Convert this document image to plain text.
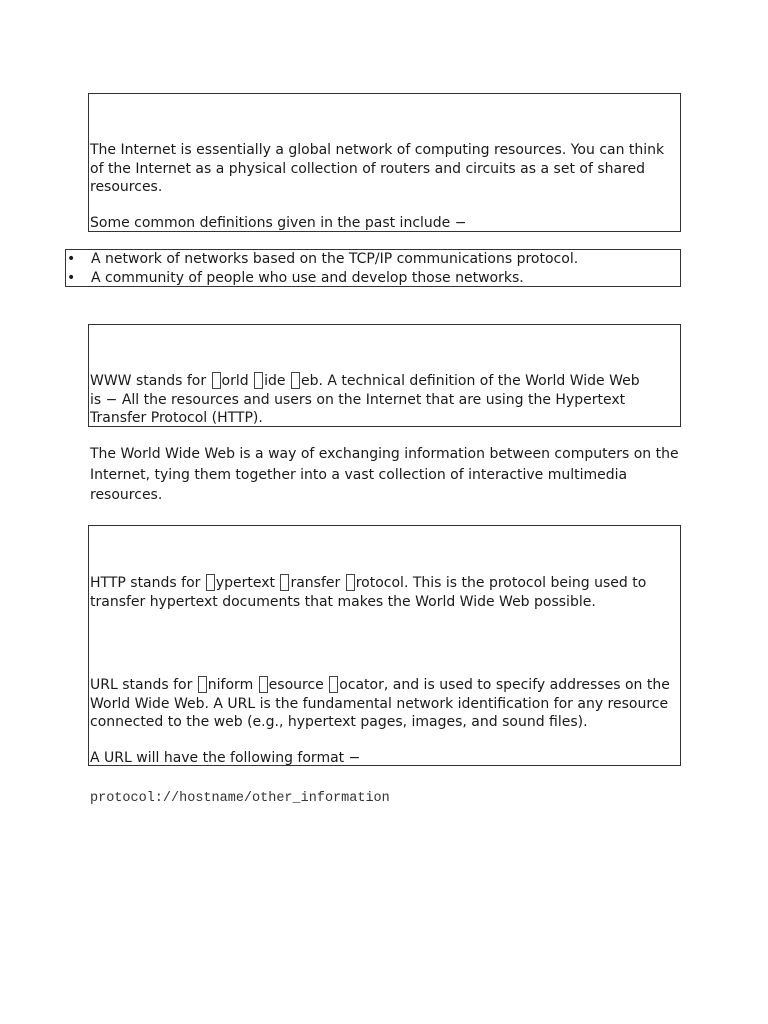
The Internet is essentially a global network of computing resources. You can think of the Internet as a physical collection of routers and circuits as a set of shared resources.

Some common definitions given in the past include −

• A network of networks based on the TCP/IP communications protocol.
• A community of people who use and develop those networks.

WWW stands for orld ide eb. A technical definition of the World Wide Web
is − All the resources and users on the Internet that are using the Hypertext Transfer Protocol (HTTP).

The World Wide Web is a way of exchanging information between computers on the Internet, tying them together into a vast collection of interactive multimedia resources.

HTTP stands for ypertext ransfer rotocol. This is the protocol being used to transfer hypertext documents that makes the World Wide Web possible.

URL stands for niform esource ocator, and is used to specify addresses on the World Wide Web. A URL is the fundamental network identification for any resource connected to the web (e.g., hypertext pages, images, and sound files).

A URL will have the following format −

protocol://hostname/other_information
